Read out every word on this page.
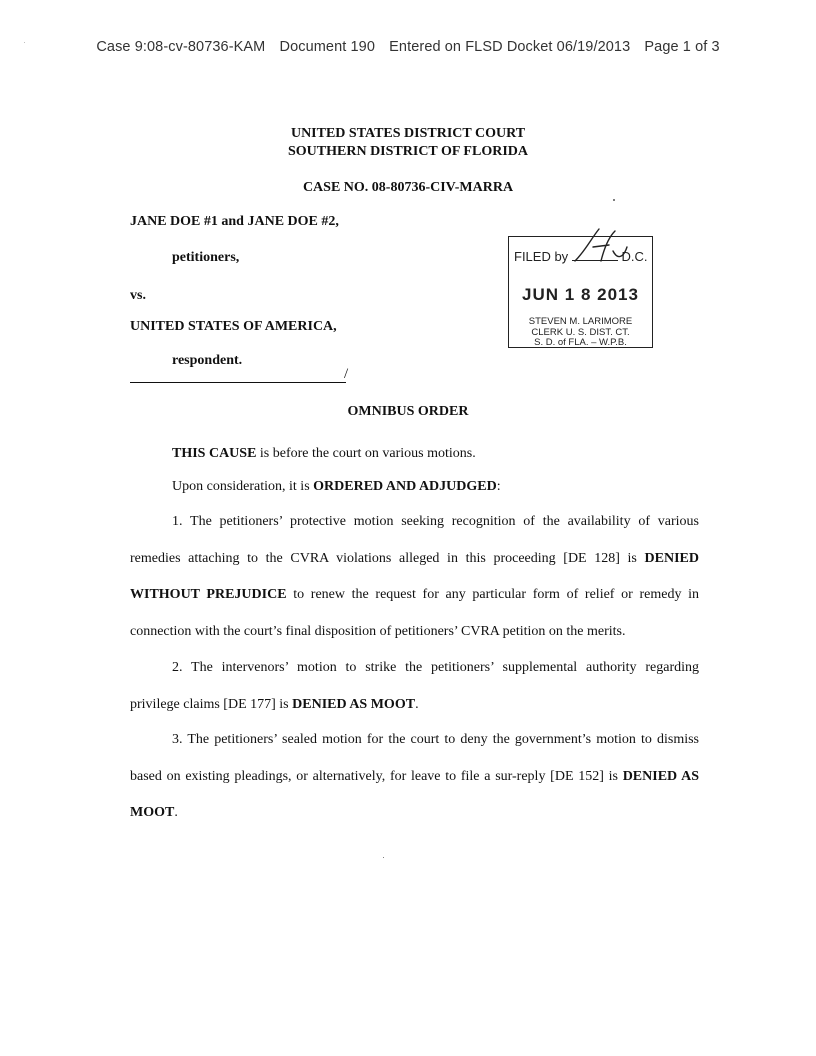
Case 9:08-cv-80736-KAM Document 190 Entered on FLSD Docket 06/19/2013 Page 1 of 3
UNITED STATES DISTRICT COURT
SOUTHERN DISTRICT OF FLORIDA
CASE NO. 08-80736-CIV-MARRA
JANE DOE #1 and JANE DOE #2,
petitioners,
vs.
UNITED STATES OF AMERICA,
respondent.
/
FILED by	D.C.
JUN 1 8 2013
STEVEN M. LARIMORE
CLERK U. S. DIST. CT.
S. D. of FLA. – W.P.B.
OMNIBUS ORDER
THIS CAUSE is before the court on various motions.
Upon consideration, it is ORDERED AND ADJUDGED:
1. The petitioners’ protective motion seeking recognition of the availability of various remedies attaching to the CVRA violations alleged in this proceeding [DE 128] is DENIED WITHOUT PREJUDICE to renew the request for any particular form of relief or remedy in connection with the court’s final disposition of petitioners’ CVRA petition on the merits.
2. The intervenors’ motion to strike the petitioners’ supplemental authority regarding privilege claims [DE 177] is DENIED AS MOOT.
3. The petitioners’ sealed motion for the court to deny the government’s motion to dismiss based on existing pleadings, or alternatively, for leave to file a sur-reply [DE 152] is DENIED AS MOOT.
